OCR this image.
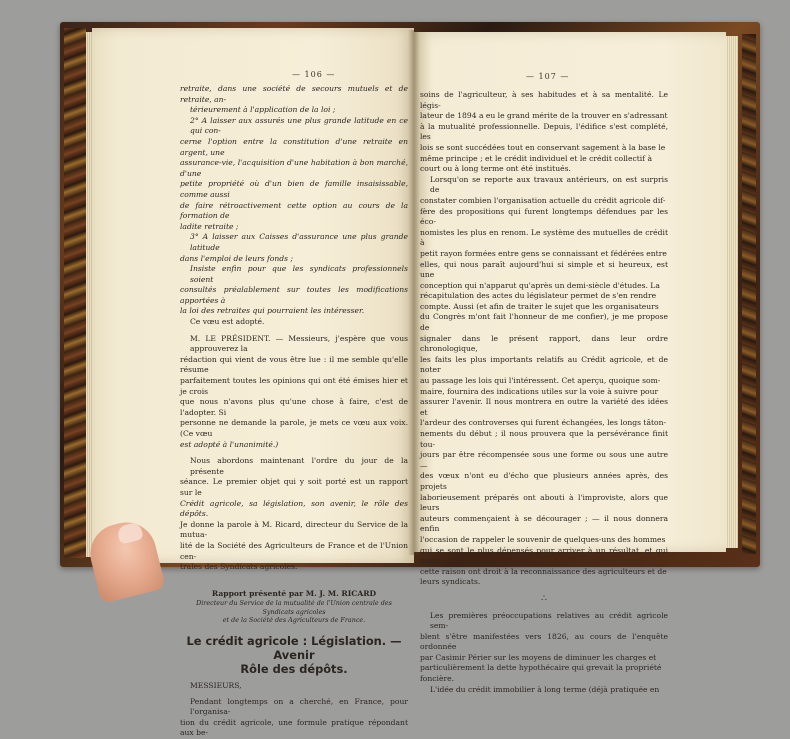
— 106 —

retraite, dans une société de secours mutuels et de retraite, an-

térieurement à l'application de la loi ;

2° A laisser aux assurés une plus grande latitude en ce qui con-

cerne l'option entre la constitution d'une retraite en argent, une

assurance-vie, l'acquisition d'une habitation à bon marché, d'une

petite propriété où d'un bien de famille insaisissable, comme aussi

de faire rétroactivement cette option au cours de la formation de

ladite retraite ;

3° A laisser aux Caisses d'assurance une plus grande latitude

dans l'emploi de leurs fonds ;

Insiste enfin pour que les syndicats professionnels soient

consultés préalablement sur toutes les modifications apportées à

la loi des retraites qui pourraient les intéresser.

Ce vœu est adopté.

M. LE PRÉSIDENT. — Messieurs, j'espère que vous approuverez la

rédaction qui vient de vous être lue : il me semble qu'elle résume

parfaitement toutes les opinions qui ont été émises hier et je crois

que nous n'avons plus qu'une chose à faire, c'est de l'adopter. Si

personne ne demande la parole, je mets ce vœu aux voix. (Ce vœu

est adopté à l'unanimité.)

Nous abordons maintenant l'ordre du jour de la présente

séance. Le premier objet qui y soit porté est un rapport sur le

Crédit agricole, sa législation, son avenir, le rôle des dépôts.

Je donne la parole à M. Ricard, directeur du Service de la mutua-

lité de la Société des Agriculteurs de France et de l'Union cen-

trales des Syndicats agricoles.

Rapport présenté par M. J. M. RICARD
Directeur du Service de la mutualité de l'Union centrale des Syndicats agricoles
et de la Société des Agriculteurs de France.
Le crédit agricole : Législation. — Avenir
Rôle des dépôts.

MESSIEURS,

Pendant longtemps on a cherché, en France, pour l'organisa-

tion du crédit agricole, une formule pratique répondant aux be-

— 107 —

soins de l'agriculteur, à ses habitudes et à sa mentalité. Le légis-

lateur de 1894 a eu le grand mérite de la trouver en s'adressant

à la mutualité professionnelle. Depuis, l'édifice s'est complété, les

lois se sont succédées tout en conservant sagement à la base le

même principe ; et le crédit individuel et le crédit collectif à

court ou à long terme ont été institués.

Lorsqu'on se reporte aux travaux antérieurs, on est surpris de

constater combien l'organisation actuelle du crédit agricole dif-

fère des propositions qui furent longtemps défendues par les éco-

nomistes les plus en renom. Le système des mutuelles de crédit à

petit rayon formées entre gens se connaissant et fédérées entre

elles, qui nous paraît aujourd'hui si simple et si heureux, est une

conception qui n'apparut qu'après un demi-siècle d'études. La

récapitulation des actes du législateur permet de s'en rendre

compte. Aussi (et afin de traiter le sujet que les organisateurs

du Congrès m'ont fait l'honneur de me confier), je me propose de

signaler dans le présent rapport, dans leur ordre chronologique,

les faits les plus importants relatifs au Crédit agricole, et de noter

au passage les lois qui l'intéressent. Cet aperçu, quoique som-

maire, fournira des indications utiles sur la voie à suivre pour

assurer l'avenir. Il nous montrera en outre la variété des idées et

l'ardeur des controverses qui furent échangées, les longs tâton-

nements du début ; il nous prouvera que la persévérance finit tou-

jours par être récompensée sous une forme ou sous une autre —

des vœux n'ont eu d'écho que plusieurs années après, des projets

laborieusement préparés ont abouti à l'improviste, alors que leurs

auteurs commençaient à se décourager ; — il nous donnera enfin

l'occasion de rappeler le souvenir de quelques-uns des hommes

qui se sont le plus dépensés pour arriver à un résultat, et qui pour

cette raison ont droit à la reconnaissance des agriculteurs et de

leurs syndicats.

∴

Les premières préoccupations relatives au crédit agricole sem-

blent s'être manifestées vers 1826, au cours de l'enquête ordonnée

par Casimir Périer sur les moyens de diminuer les charges et

particulièrement la dette hypothécaire qui grevait la propriété

foncière.

L'idée du crédit immobilier à long terme (déjà pratiquée en
